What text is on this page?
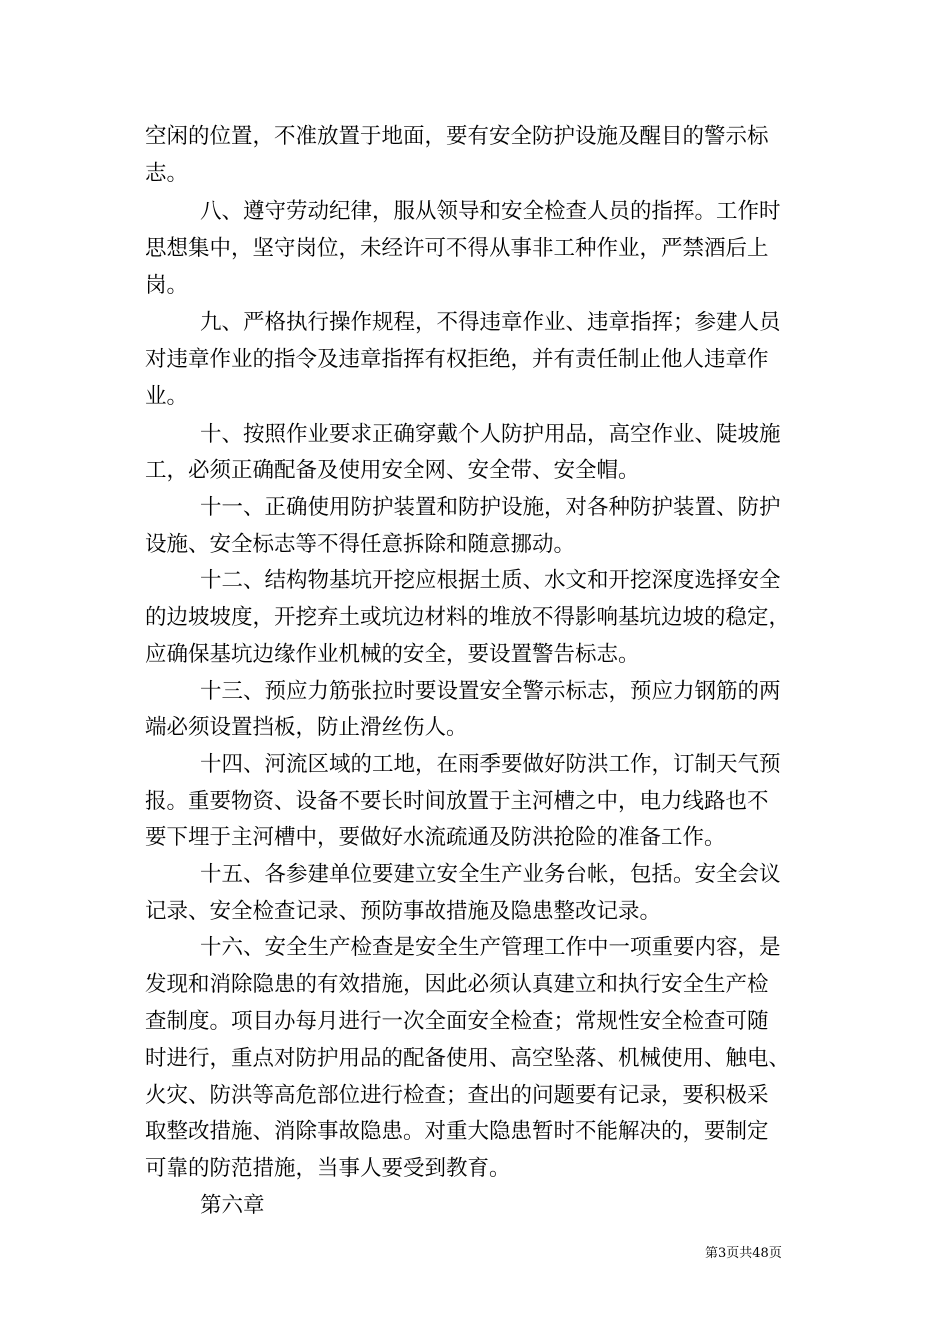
空闲的位置，不准放置于地面，要有安全防护设施及醒目的警示标
志。
八、遵守劳动纪律，服从领导和安全检查人员的指挥。工作时
思想集中，坚守岗位，未经许可不得从事非工种作业，严禁酒后上
岗。
九、严格执行操作规程，不得违章作业、违章指挥；参建人员
对违章作业的指令及违章指挥有权拒绝，并有责任制止他人违章作
业。
十、按照作业要求正确穿戴个人防护用品，高空作业、陡坡施
工，必须正确配备及使用安全网、安全带、安全帽。
十一、正确使用防护装置和防护设施，对各种防护装置、防护
设施、安全标志等不得任意拆除和随意挪动。
十二、结构物基坑开挖应根据土质、水文和开挖深度选择安全
的边坡坡度，开挖弃土或坑边材料的堆放不得影响基坑边坡的稳定，
应确保基坑边缘作业机械的安全，要设置警告标志。
十三、预应力筋张拉时要设置安全警示标志，预应力钢筋的两
端必须设置挡板，防止滑丝伤人。
十四、河流区域的工地，在雨季要做好防洪工作，订制天气预
报。重要物资、设备不要长时间放置于主河槽之中，电力线路也不
要下埋于主河槽中，要做好水流疏通及防洪抢险的准备工作。
十五、各参建单位要建立安全生产业务台帐，包括。安全会议
记录、安全检查记录、预防事故措施及隐患整改记录。
十六、安全生产检查是安全生产管理工作中一项重要内容，是
发现和消除隐患的有效措施，因此必须认真建立和执行安全生产检
查制度。项目办每月进行一次全面安全检查；常规性安全检查可随
时进行，重点对防护用品的配备使用、高空坠落、机械使用、触电、
火灾、防洪等高危部位进行检查；查出的问题要有记录，要积极采
取整改措施、消除事故隐患。对重大隐患暂时不能解决的，要制定
可靠的防范措施，当事人要受到教育。
第六章
第3页共48页
